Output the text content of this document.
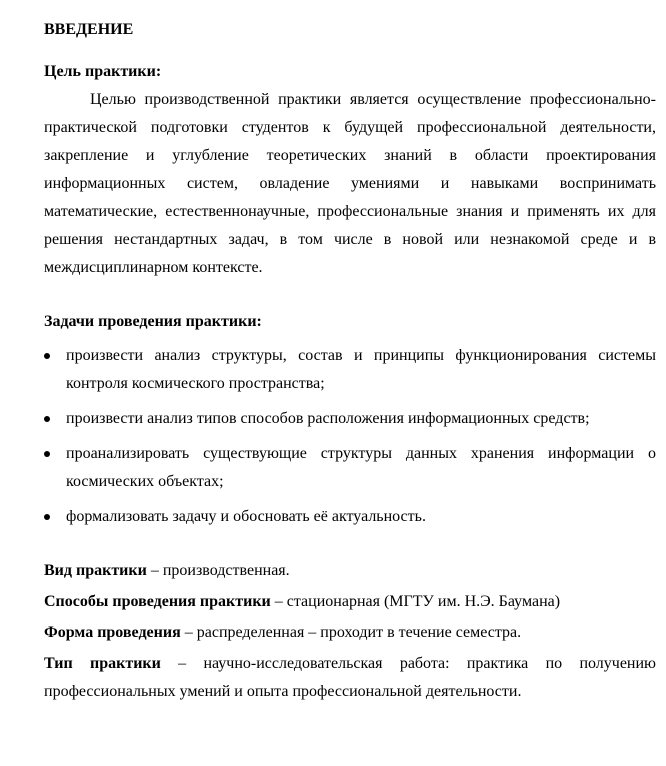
ВВЕДЕНИЕ

Цель практики:

Целью производственной практики является осуществление профессионально-практической подготовки студентов к будущей профессиональной деятельности, закрепление и углубление теоретических знаний в области проектирования информационных систем, овладение умениями и навыками воспринимать математические, естественнонаучные, профессиональные знания и применять их для решения нестандартных задач, в том числе в новой или незнакомой среде и в междисциплинарном контексте.

Задачи проведения практики:

произвести анализ структуры, состав и принципы функционирования системы контроля космического пространства;
произвести анализ типов способов расположения информационных средств;
проанализировать существующие структуры данных хранения информации о космических объектах;
формализовать задачу и обосновать её актуальность.

Вид практики – производственная.

Способы проведения практики – стационарная (МГТУ им. Н.Э. Баумана)

Форма проведения – распределенная – проходит в течение семестра.

Тип практики – научно-исследовательская работа: практика по получению профессиональных умений и опыта профессиональной деятельности.
